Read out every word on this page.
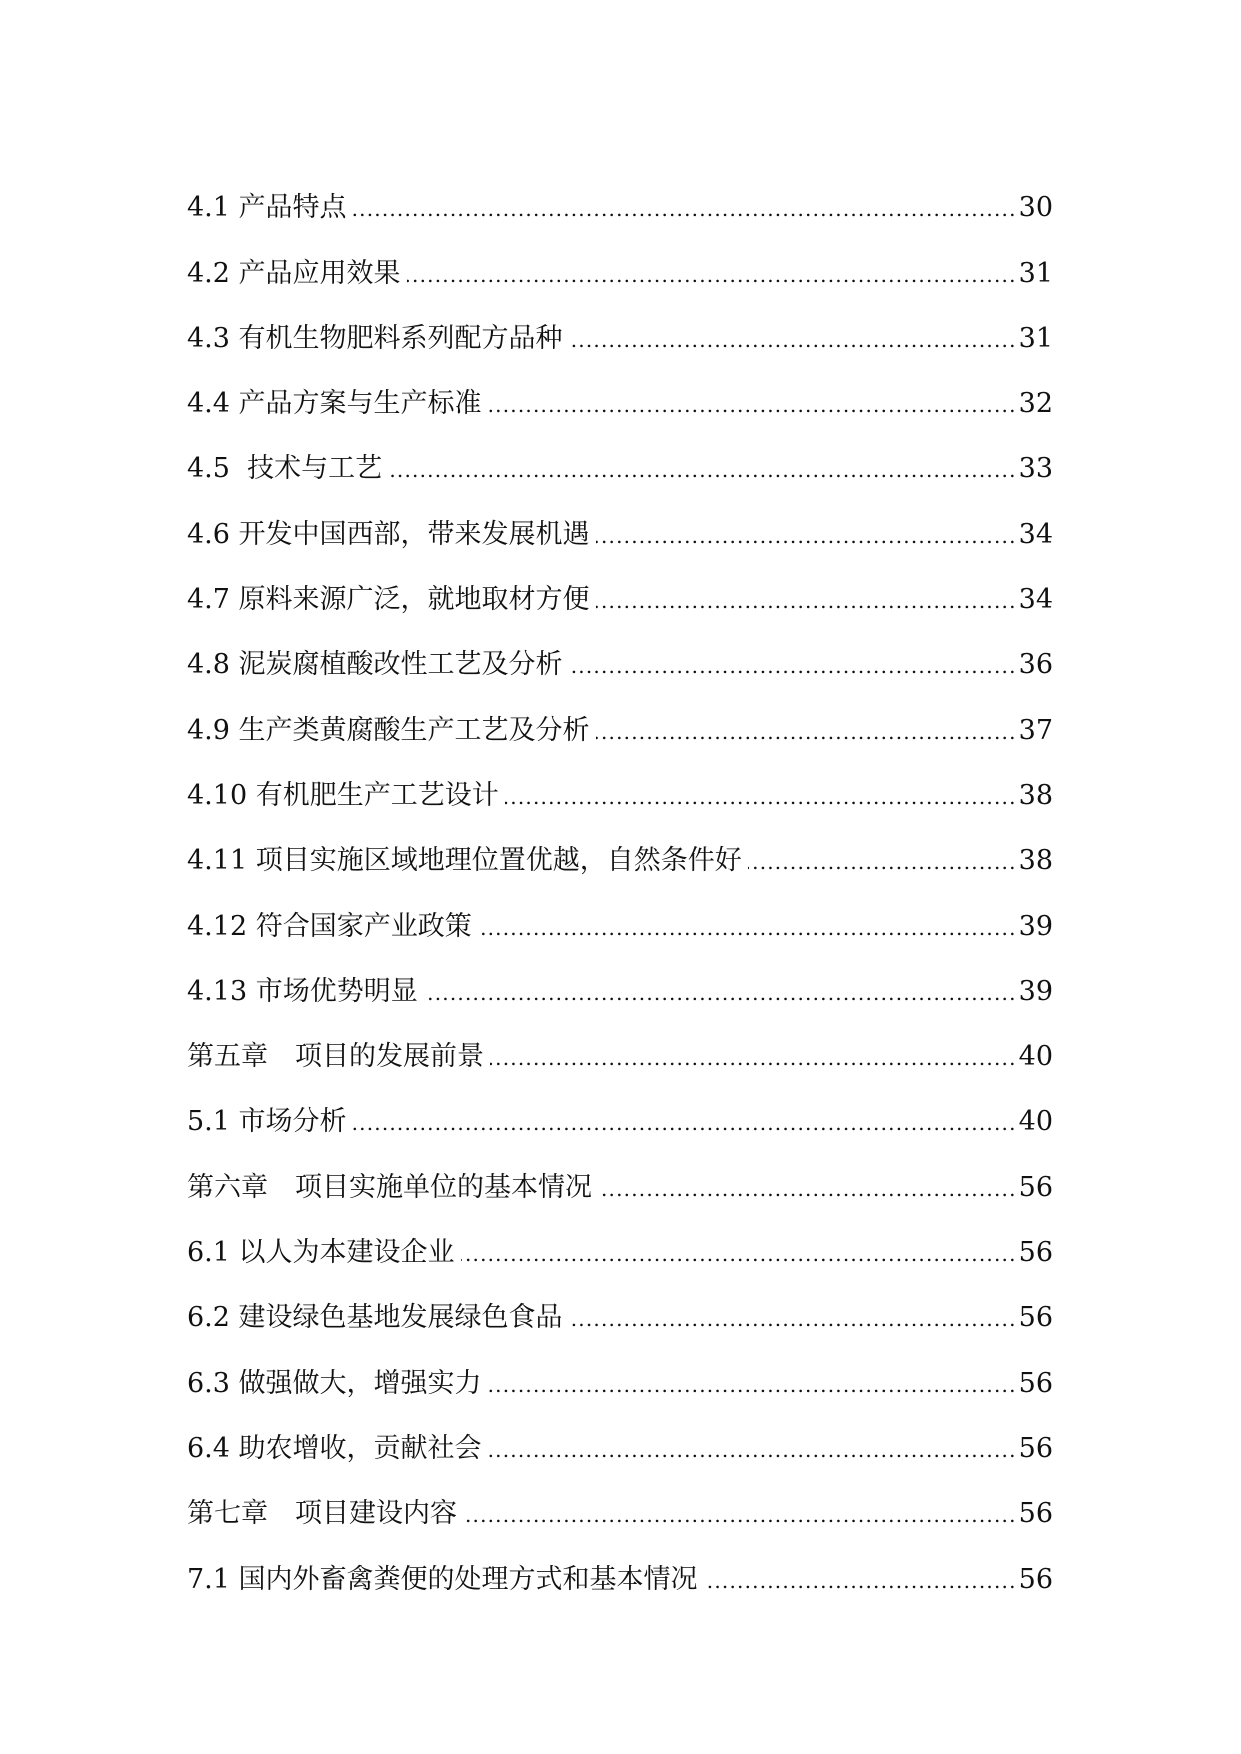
4.1 产品特点 .....	30
4.2 产品应用效果 .....	31
4.3 有机生物肥料系列配方品种 .....	31
4.4 产品方案与生产标准 .....	32
4.5  技术与工艺 .....	33
4.6 开发中国西部，带来发展机遇 .....	34
4.7 原料来源广泛，就地取材方便 .....	34
4.8 泥炭腐植酸改性工艺及分析 .....	36
4.9 生产类黄腐酸生产工艺及分析 .....	37
4.10 有机肥生产工艺设计 .....	38
4.11 项目实施区域地理位置优越，自然条件好 .....	38
4.12 符合国家产业政策 .....	39
4.13 市场优势明显 .....	39
第五章　项目的发展前景 .....	40
5.1 市场分析 .....	40
第六章　项目实施单位的基本情况 .....	56
6.1 以人为本建设企业 .....	56
6.2 建设绿色基地发展绿色食品 .....	56
6.3 做强做大，增强实力 .....	56
6.4 助农增收，贡献社会 .....	56
第七章　项目建设内容 .....	56
7.1 国内外畜禽粪便的处理方式和基本情况 .....	56
